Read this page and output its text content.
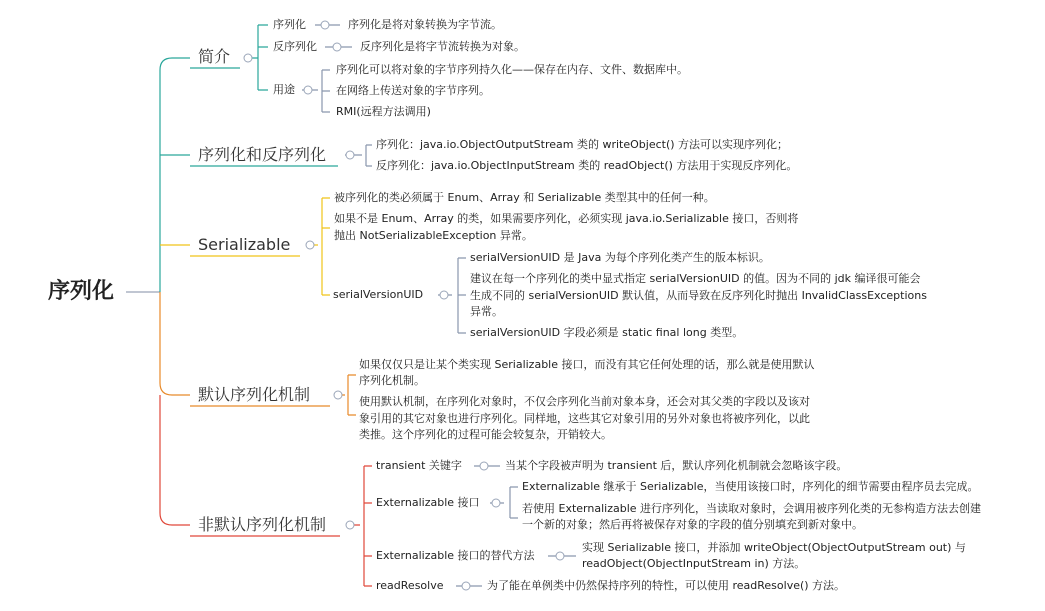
序列化
简介
序列化	序列化是将对象转换为字节流。
反序列化	反序列化是将字节流转换为对象。
用途
序列化可以将对象的字节序列持久化——保存在内存、文件、数据库中。
在网络上传送对象的字节序列。
RMI(远程方法调用)
序列化和反序列化
序列化：java.io.ObjectOutputStream 类的 writeObject() 方法可以实现序列化；
反序列化：java.io.ObjectInputStream 类的 readObject() 方法用于实现反序列化。
Serializable
被序列化的类必须属于 Enum、Array 和 Serializable 类型其中的任何一种。
如果不是 Enum、Array 的类，如果需要序列化，必须实现 java.io.Serializable 接口，否则将
抛出 NotSerializableException 异常。
serialVersionUID
serialVersionUID 是 Java 为每个序列化类产生的版本标识。
建议在每一个序列化的类中显式指定 serialVersionUID 的值。因为不同的 jdk 编译很可能会
生成不同的 serialVersionUID 默认值，从而导致在反序列化时抛出 InvalidClassExceptions
异常。
serialVersionUID 字段必须是 static final long 类型。
默认序列化机制
如果仅仅只是让某个类实现 Serializable 接口，而没有其它任何处理的话，那么就是使用默认
序列化机制。
使用默认机制，在序列化对象时，不仅会序列化当前对象本身，还会对其父类的字段以及该对
象引用的其它对象也进行序列化。同样地，这些其它对象引用的另外对象也将被序列化，以此
类推。这个序列化的过程可能会较复杂，开销较大。
非默认序列化机制
transient 关键字	当某个字段被声明为 transient 后，默认序列化机制就会忽略该字段。
Externalizable 接口
Externalizable 继承于 Serializable，当使用该接口时，序列化的细节需要由程序员去完成。
若使用 Externalizable 进行序列化，当读取对象时，会调用被序列化类的无参构造方法去创建
一个新的对象；然后再将被保存对象的字段的值分别填充到新对象中。
Externalizable 接口的替代方法
实现 Serializable 接口，并添加 writeObject(ObjectOutputStream out) 与
readObject(ObjectInputStream in) 方法。
readResolve	为了能在单例类中仍然保持序列的特性，可以使用 readResolve() 方法。
